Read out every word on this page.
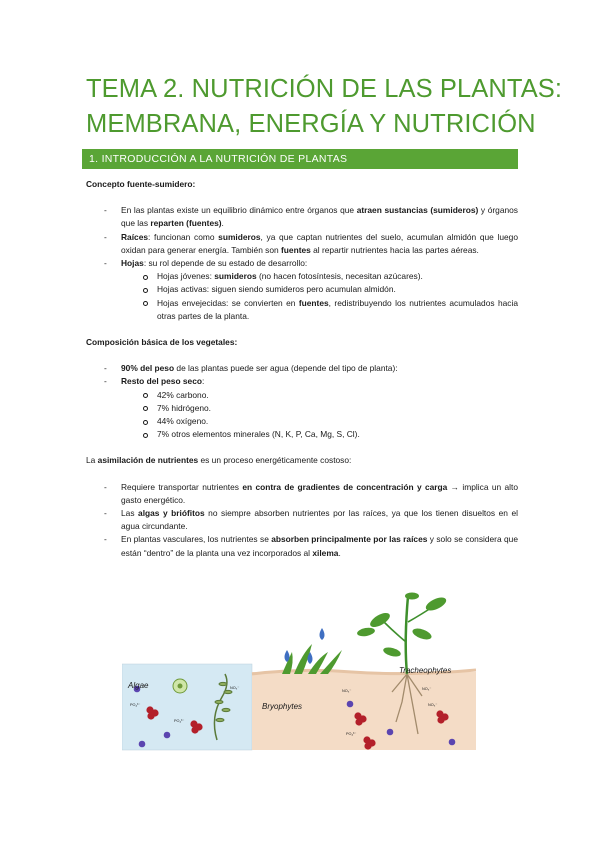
TEMA 2. NUTRICIÓN DE LAS PLANTAS:
MEMBRANA, ENERGÍA Y NUTRICIÓN
1. INTRODUCCIÓN A LA NUTRICIÓN DE PLANTAS
Concepto fuente-sumidero:
- En las plantas existe un equilibrio dinámico entre órganos que atraen sustancias (sumideros) y órganos que las reparten (fuentes).
- Raíces: funcionan como sumideros, ya que captan nutrientes del suelo, acumulan almidón que luego oxidan para generar energía. También son fuentes al repartir nutrientes hacia las partes aéreas.
- Hojas: su rol depende de su estado de desarrollo:
Hojas jóvenes: sumideros (no hacen fotosíntesis, necesitan azúcares).
Hojas activas: siguen siendo sumideros pero acumulan almidón.
Hojas envejecidas: se convierten en fuentes, redistribuyendo los nutrientes acumulados hacia otras partes de la planta.
Composición básica de los vegetales:
- 90% del peso de las plantas puede ser agua (depende del tipo de planta):
- Resto del peso seco:
42% carbono.
7% hidrógeno.
44% oxígeno.
7% otros elementos minerales (N, K, P, Ca, Mg, S, Cl).
La asimilación de nutrientes es un proceso energéticamente costoso:
- Requiere transportar nutrientes en contra de gradientes de concentración y carga → implica un alto gasto energético.
- Las algas y briófitos no siempre absorben nutrientes por las raíces, ya que los tienen disueltos en el agua circundante.
- En plantas vasculares, los nutrientes se absorben principalmente por las raíces y solo se considera que están “dentro” de la planta una vez incorporados al xilema.
Algae
Bryophytes
Tracheophytes
NO₃⁻
PO₄³⁻
PO₄³⁻
NO₃⁻	NO₃⁻
PO₄³⁻
NO₃⁻
